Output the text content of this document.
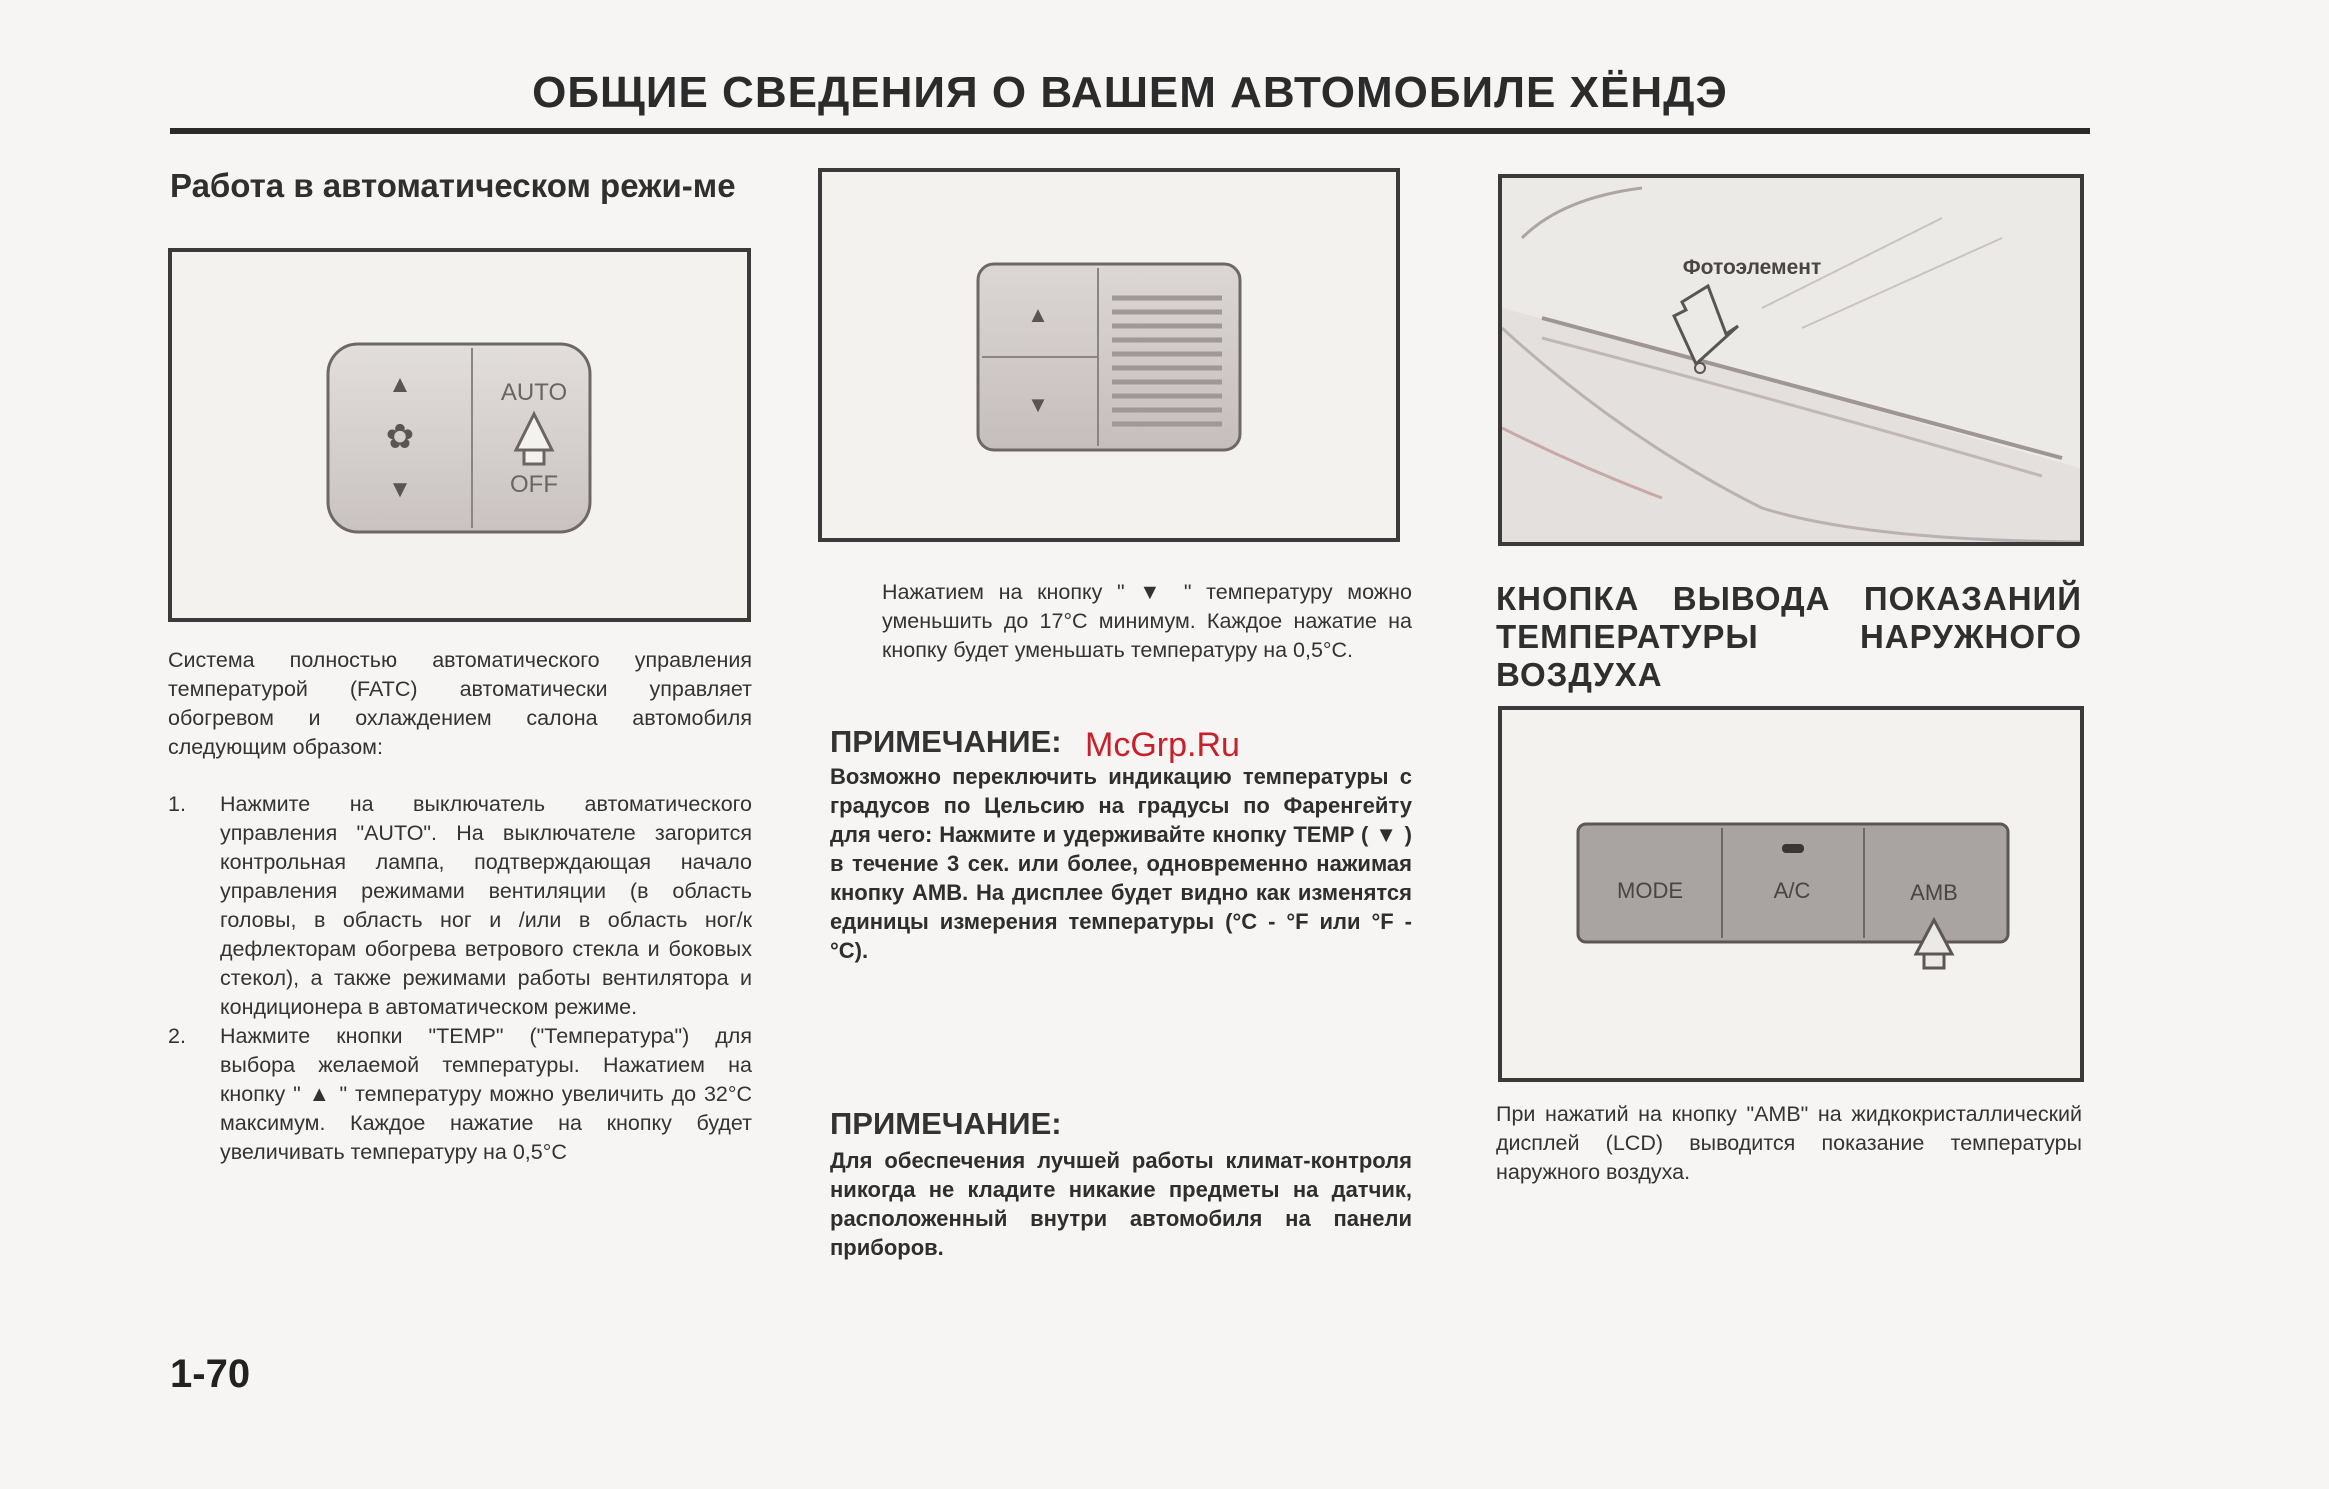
ОБЩИЕ СВЕДЕНИЯ О ВАШЕМ АВТОМОБИЛЕ ХЁНДЭ
Работа в автоматическом режи-ме
▲
✿
▼
AUTO
OFF
Система полностью автоматического управления температурой (FATC) автоматически управляет обогревом и охлаждением салона автомобиля следующим образом:
1. Нажмите на выключатель автоматического управления "AUTO". На выключателе загорится контрольная лампа, подтверждающая начало управления режимами вентиляции (в область головы, в область ног и /или в область ног/к дефлекторам обогрева ветрового стекла и боковых стекол), а также режимами работы вентилятора и кондиционера в автоматическом режиме.
2. Нажмите кнопки "TEMP" ("Температура") для выбора желаемой температуры. Нажатием на кнопку " ▲ " температуру можно увеличить до 32°C максимум. Каждое нажатие на кнопку будет увеличивать температуру на 0,5°C
▲
▼
Нажатием на кнопку " ▼ " температуру можно уменьшить до 17°C минимум. Каждое нажатие на кнопку будет уменьшать температуру на 0,5°C.
ПРИМЕЧАНИЕ:
Возможно переключить индикацию температуры с градусов по Цельсию на градусы по Фаренгейту для чего: Нажмите и удерживайте кнопку TEMP ( ▼ ) в течение 3 сек. или более, одновременно нажимая кнопку AMB. На дисплее будет видно как изменятся единицы измерения температуры (°C - °F или °F - °C).
ПРИМЕЧАНИЕ:
Для обеспечения лучшей работы климат-контроля никогда не кладите никакие предметы на датчик, расположенный внутри автомобиля на панели приборов.
McGrp.Ru
Фотоэлемент
КНОПКА ВЫВОДА ПОКАЗАНИЙ ТЕМПЕРАТУРЫ НАРУЖНОГО ВОЗДУХА
MODE	A/C	AMB
При нажатий на кнопку "AMB" на жидкокристаллический дисплей (LCD) выводится показание температуры наружного воздуха.
1-70
